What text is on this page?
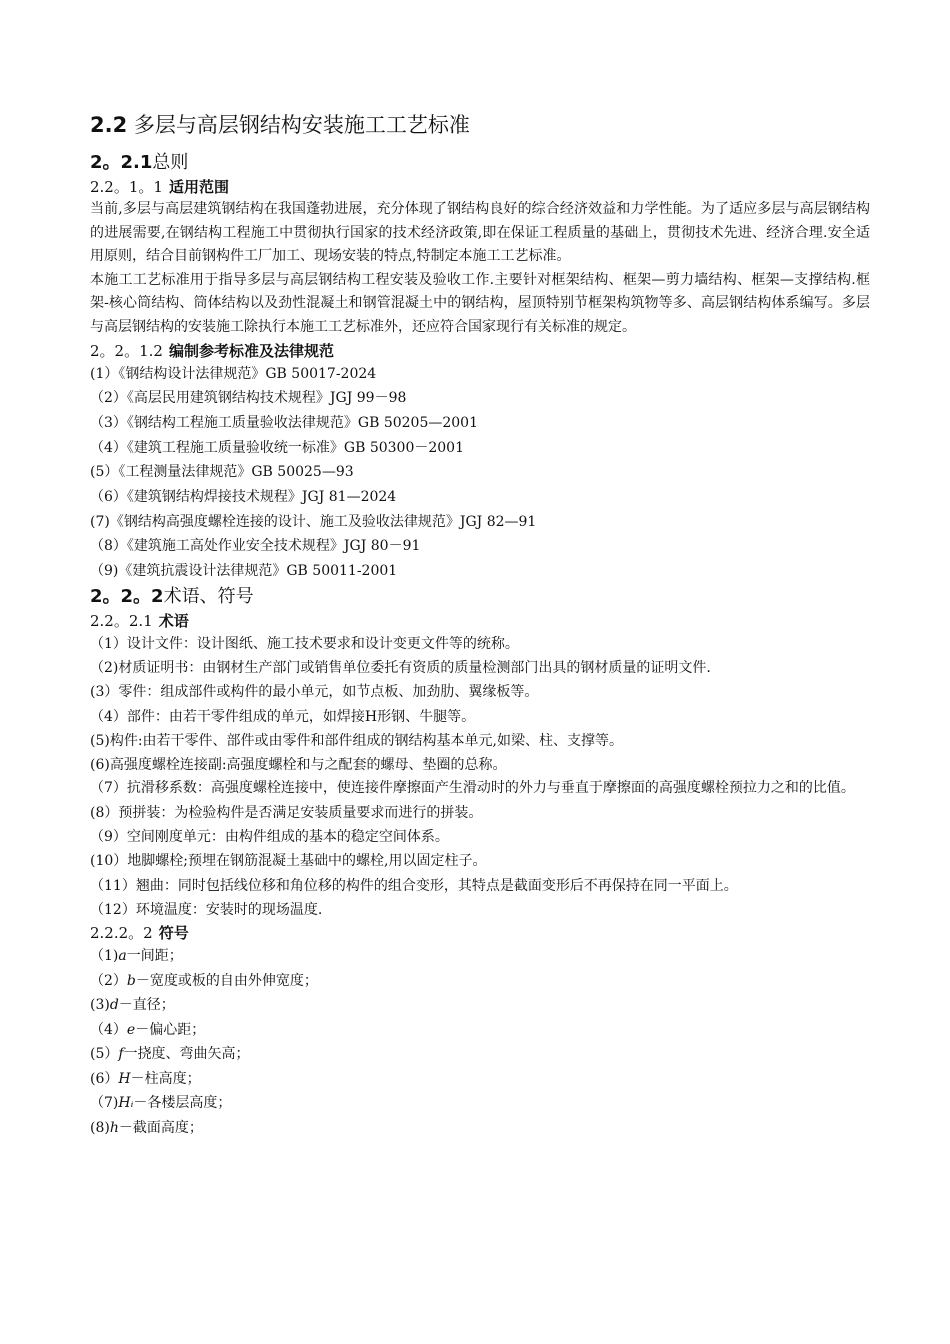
2.2 多层与高层钢结构安装施工工艺标准
2。2.1总则
2.2。1。1 适用范围

当前,多层与高层建筑钢结构在我国蓬勃进展，充分体现了钢结构良好的综合经济效益和力学性能。为了适应多层与高层钢结构的进展需要,在钢结构工程施工中贯彻执行国家的技术经济政策,即在保证工程质量的基础上，贯彻技术先进、经济合理.安全适用原则，结合目前钢构件工厂加工、现场安装的特点,特制定本施工工艺标准。

本施工工艺标准用于指导多层与高层钢结构工程安装及验收工作.主要针对框架结构、框架—剪力墙结构、框架—支撑结构.框架-核心筒结构、筒体结构以及劲性混凝土和钢管混凝土中的钢结构，屋顶特别节框架构筑物等多、高层钢结构体系编写。多层与高层钢结构的安装施工除执行本施工工艺标准外，还应符合国家现行有关标准的规定。

2。2。1.2 编制参考标准及法律规范
(1）《钢结构设计法律规范》GB 50017-2024
（2）《高层民用建筑钢结构技术规程》JGJ 99－98
（3）《钢结构工程施工质量验收法律规范》GB 50205—2001
（4）《建筑工程施工质量验收统一标准》GB 50300－2001
(5）《工程测量法律规范》GB 50025—93
（6）《建筑钢结构焊接技术规程》JGJ 81—2024
(7)《钢结构高强度螺栓连接的设计、施工及验收法律规范》JGJ 82—91
（8）《建筑施工高处作业安全技术规程》JGJ 80－91
（9)《建筑抗震设计法律规范》GB 50011-2001
2。2。2术语、符号
2.2。2.1 术语
（1）设计文件：设计图纸、施工技术要求和设计变更文件等的统称。
（2)材质证明书：由钢材生产部门或销售单位委托有资质的质量检测部门出具的钢材质量的证明文件.
(3）零件：组成部件或构件的最小单元，如节点板、加劲肋、翼缘板等。
（4）部件：由若干零件组成的单元，如焊接H形钢、牛腿等。
(5)构件:由若干零件、部件或由零件和部件组成的钢结构基本单元,如梁、柱、支撑等。
(6)高强度螺栓连接副:高强度螺栓和与之配套的螺母、垫圈的总称。
（7）抗滑移系数：高强度螺栓连接中，使连接件摩擦面产生滑动时的外力与垂直于摩擦面的高强度螺栓预拉力之和的比值。
(8）预拼装：为检验构件是否满足安装质量要求而进行的拼装。
（9）空间刚度单元：由构件组成的基本的稳定空间体系。
(10）地脚螺栓;预埋在钢筋混凝土基础中的螺栓,用以固定柱子。
（11）翘曲：同时包括线位移和角位移的构件的组合变形，其特点是截面变形后不再保持在同一平面上。
（12）环境温度：安装时的现场温度.
2.2.2。2 符号
（1)a一间距；
（2）b－宽度或板的自由外伸宽度；
(3)d－直径；
（4）e－偏心距；
(5）f一挠度、弯曲矢高；
(6）H－柱高度；
（7)Hᵢ－各楼层高度；
(8)h－截面高度；
